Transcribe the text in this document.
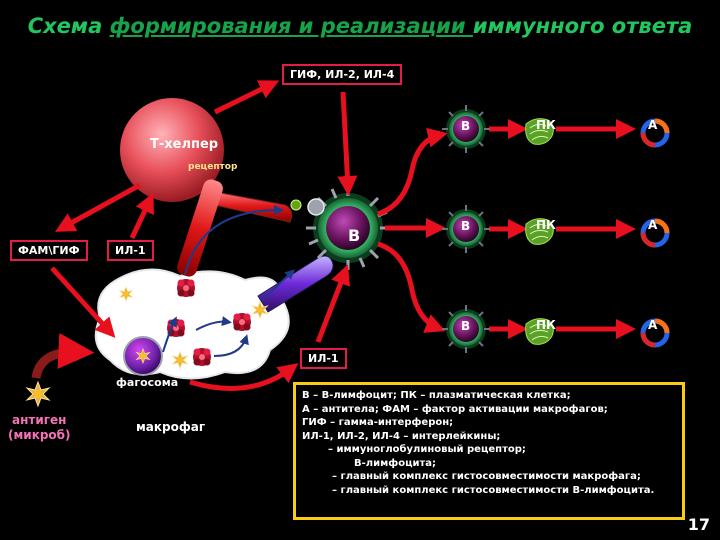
Схема формирования и реализации иммунного ответа
ГИФ, ИЛ-2, ИЛ-4
ФАМ\ГИФ	ИЛ-1
ИЛ-1
Т-хелпер
рецептор
фагосома
макрофаг
антиген
(микроб)
В
В
В
В
ПК
ПК
ПК
А
А
А
В – В-лимфоцит; ПК – плазматическая клетка;
А – антитела; ФАМ – фактор активации макрофагов;
ГИФ – гамма-интерферон;
ИЛ-1, ИЛ-2, ИЛ-4 – интерлейкины;
– иммуноглобулиновый рецептор;
В-лимфоцита;
– главный комплекс гистосовместимости макрофага;
– главный комплекс гистосовместимости В-лимфоцита.
17
